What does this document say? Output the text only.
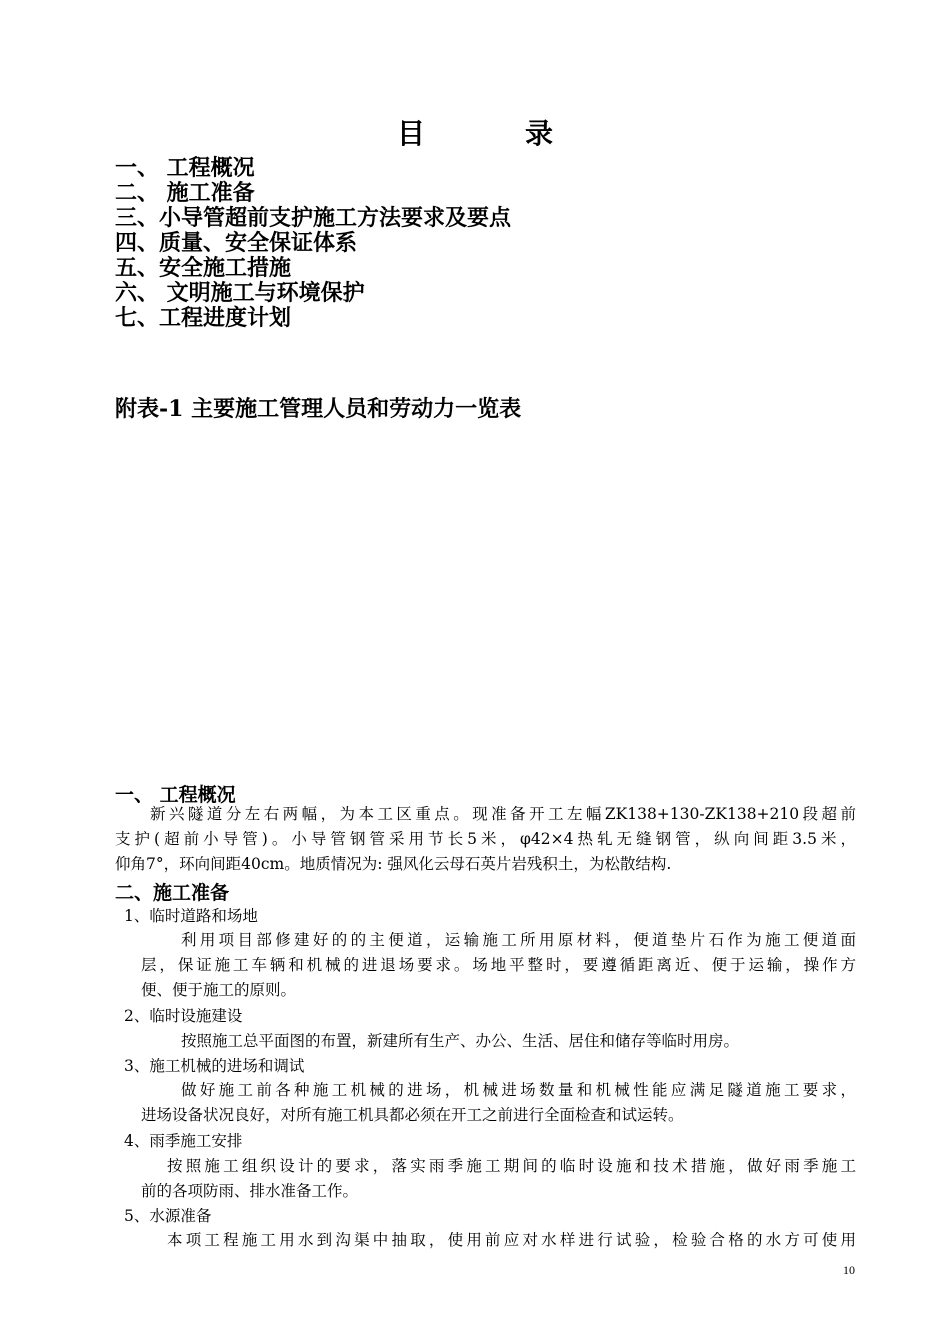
目	录
一、 工程概况
二、 施工准备
三、小导管超前支护施工方法要求及要点
四、质量、安全保证体系
五、安全施工措施
六、 文明施工与环境保护
七、工程进度计划
附表-1 主要施工管理人员和劳动力一览表
一、 工程概况
新兴隧道分左右两幅，为本工区重点。现准备开工左幅ZK138+130-ZK138+210段超前
支护(超前小导管)。小导管钢管采用节长5米，φ42×4热轧无缝钢管，纵向间距3.5米，
仰角7°，环向间距40cm。地质情况为: 强风化云母石英片岩残积土，为松散结构.
二、施工准备
1、临时道路和场地
利用项目部修建好的的主便道，运输施工所用原材料，便道垫片石作为施工便道面
层，保证施工车辆和机械的进退场要求。场地平整时，要遵循距离近、便于运输，操作方
便、便于施工的原则。
2、临时设施建设
按照施工总平面图的布置，新建所有生产、办公、生活、居住和储存等临时用房。
3、施工机械的进场和调试
做好施工前各种施工机械的进场，机械进场数量和机械性能应满足隧道施工要求，
进场设备状况良好，对所有施工机具都必须在开工之前进行全面检查和试运转。
4、雨季施工安排
按照施工组织设计的要求，落实雨季施工期间的临时设施和技术措施，做好雨季施工
前的各项防雨、排水准备工作。
5、水源准备
本项工程施工用水到沟渠中抽取，使用前应对水样进行试验，检验合格的水方可使用
10
